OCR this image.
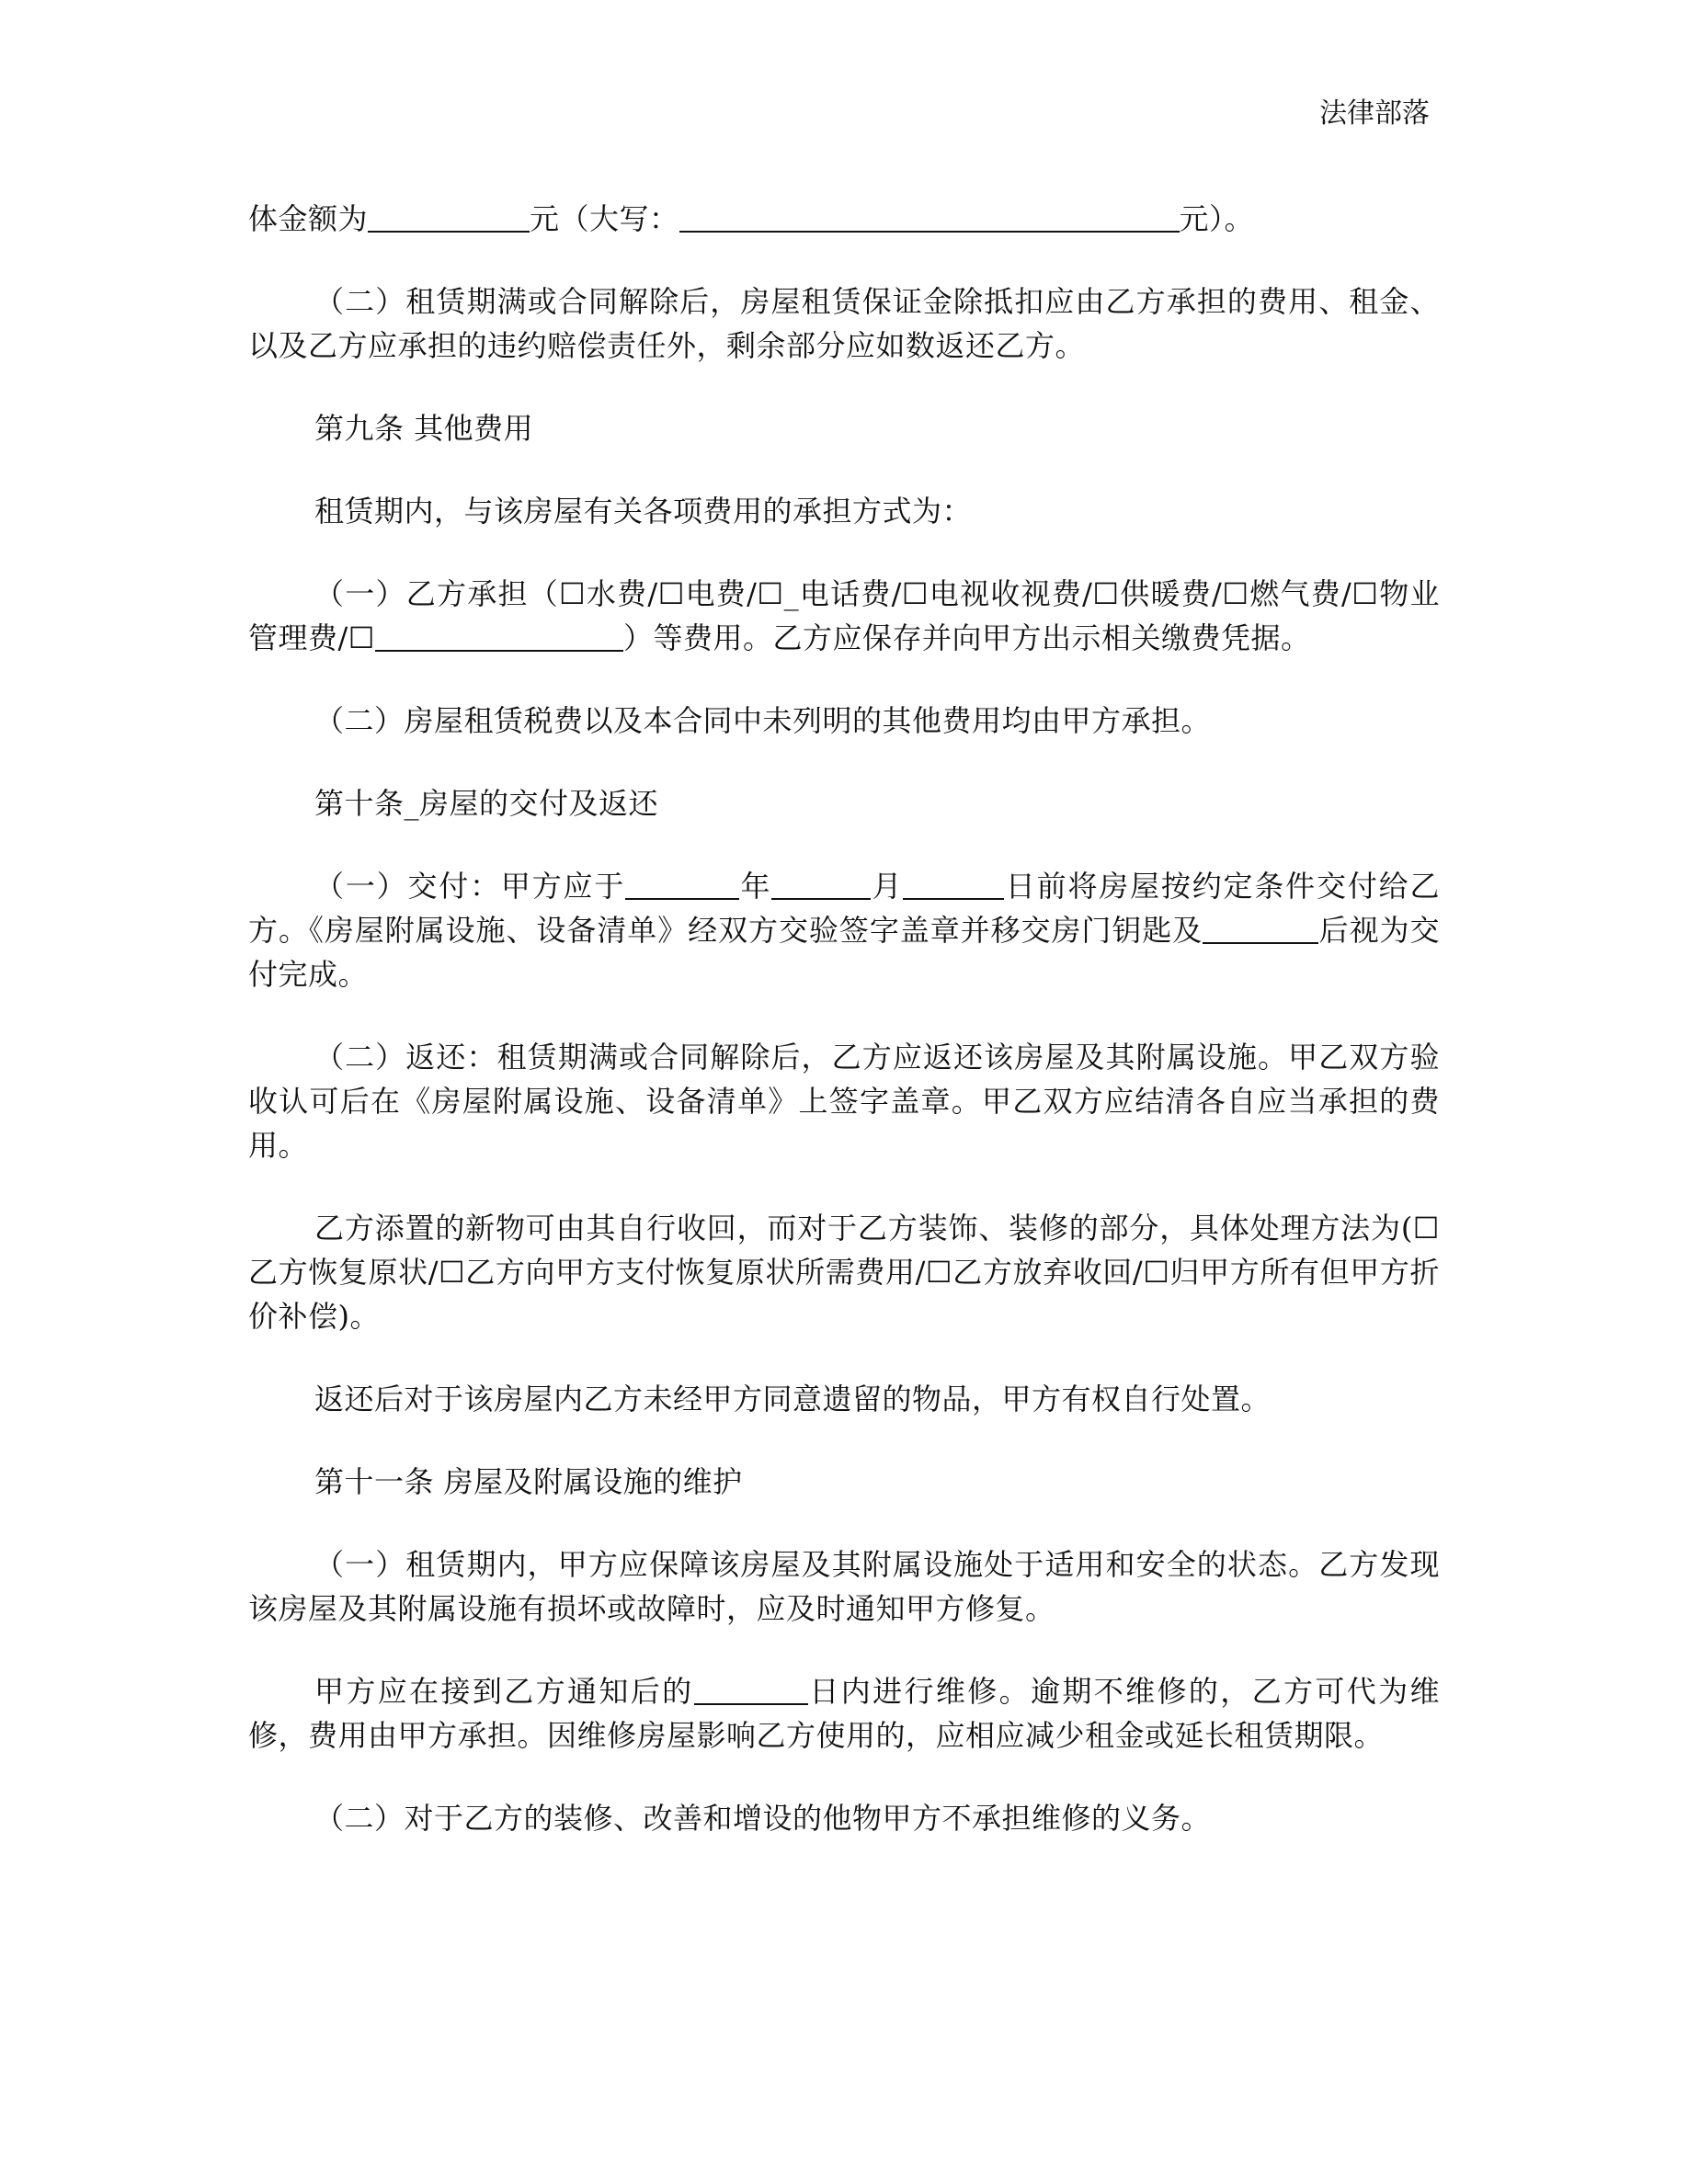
法律部落

体金额为	元（大写：	元）。

（二）租赁期满或合同解除后，房屋租赁保证金除抵扣应由乙方承担的费用、租金、以及乙方应承担的违约赔偿责任外，剩余部分应如数返还乙方。

第九条 其他费用

租赁期内，与该房屋有关各项费用的承担方式为：

（一）乙方承担（☐水费/☐电费/☐_电话费/☐电视收视费/☐供暖费/☐燃气费/☐物业管理费/☐	）等费用。乙方应保存并向甲方出示相关缴费凭据。

（二）房屋租赁税费以及本合同中未列明的其他费用均由甲方承担。

第十条_房屋的交付及返还

（一）交付：甲方应于	年	月	日前将房屋按约定条件交付给乙方。《房屋附属设施、设备清单》经双方交验签字盖章并移交房门钥匙及	后视为交付完成。

（二）返还：租赁期满或合同解除后，乙方应返还该房屋及其附属设施。甲乙双方验收认可后在《房屋附属设施、设备清单》上签字盖章。甲乙双方应结清各自应当承担的费用。

乙方添置的新物可由其自行收回，而对于乙方装饰、装修的部分，具体处理方法为(☐乙方恢复原状/☐乙方向甲方支付恢复原状所需费用/☐乙方放弃收回/☐归甲方所有但甲方折价补偿)。

返还后对于该房屋内乙方未经甲方同意遗留的物品，甲方有权自行处置。

第十一条 房屋及附属设施的维护

（一）租赁期内，甲方应保障该房屋及其附属设施处于适用和安全的状态。乙方发现该房屋及其附属设施有损坏或故障时，应及时通知甲方修复。

甲方应在接到乙方通知后的	日内进行维修。逾期不维修的，乙方可代为维修，费用由甲方承担。因维修房屋影响乙方使用的，应相应减少租金或延长租赁期限。

（二）对于乙方的装修、改善和增设的他物甲方不承担维修的义务。
